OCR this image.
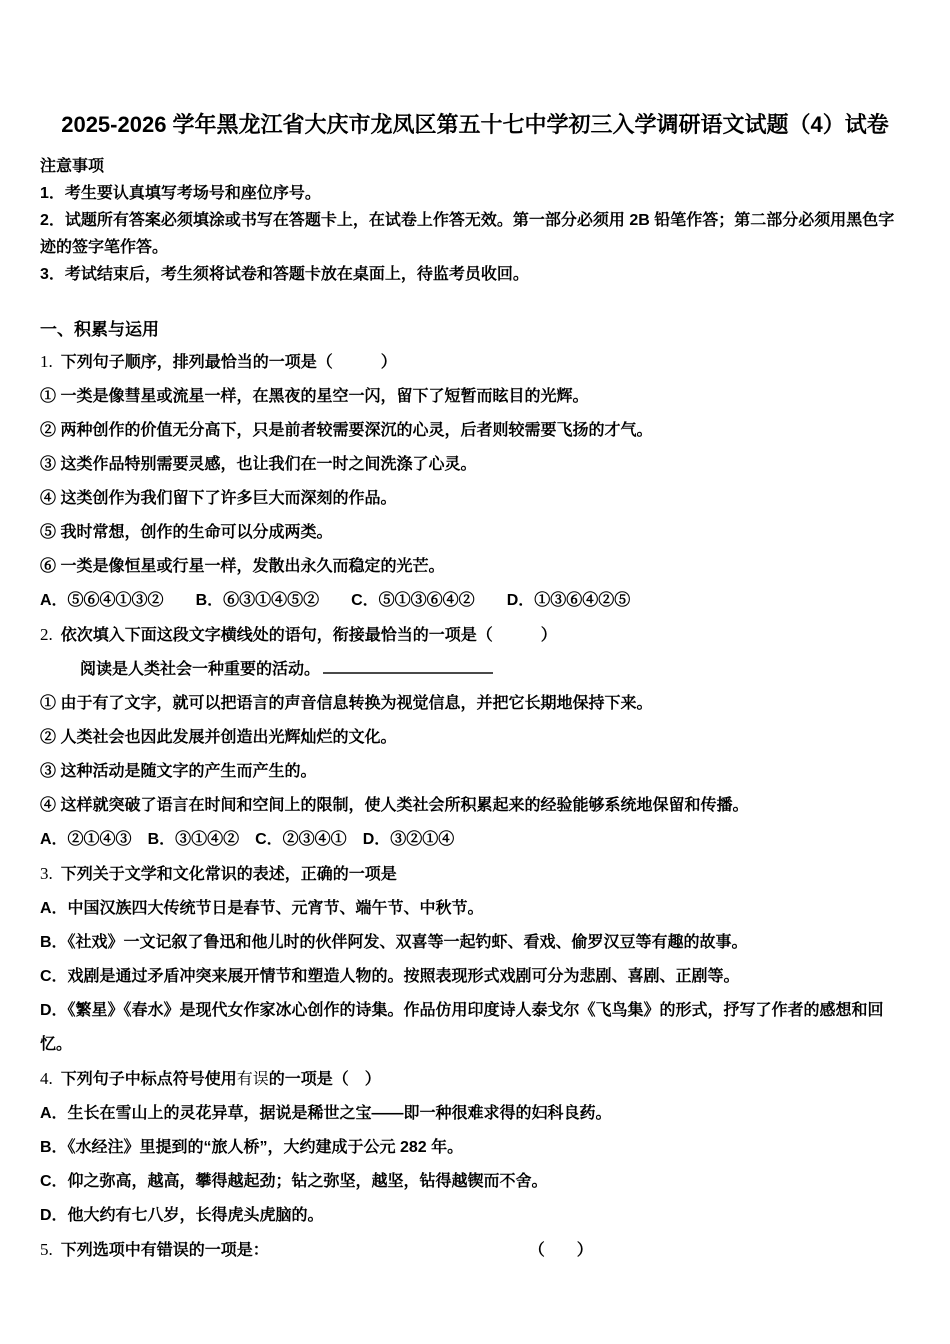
2025-2026 学年黑龙江省大庆市龙凤区第五十七中学初三入学调研语文试题（4）试卷

注意事项

1．考生要认真填写考场号和座位序号。

2．试题所有答案必须填涂或书写在答题卡上，在试卷上作答无效。第一部分必须用 2B 铅笔作答；第二部分必须用黑色字迹的签字笔作答。

3．考试结束后，考生须将试卷和答题卡放在桌面上，待监考员收回。

一、积累与运用

1. 下列句子顺序，排列最恰当的一项是（　　　）

① 一类是像彗星或流星一样，在黑夜的星空一闪，留下了短暂而眩目的光辉。

② 两种创作的价值无分高下，只是前者较需要深沉的心灵，后者则较需要飞扬的才气。

③ 这类作品特别需要灵感，也让我们在一时之间洗涤了心灵。

④ 这类创作为我们留下了许多巨大而深刻的作品。

⑤ 我时常想，创作的生命可以分成两类。

⑥ 一类是像恒星或行星一样，发散出永久而稳定的光芒。

A．⑤⑥④①③② B．⑥③①④⑤② C．⑤①③⑥④② D．①③⑥④②⑤

2. 依次填入下面这段文字横线处的语句，衔接最恰当的一项是（　　　）

阅读是人类社会一种重要的活动。

① 由于有了文字，就可以把语言的声音信息转换为视觉信息，并把它长期地保持下来。

② 人类社会也因此发展并创造出光辉灿烂的文化。

③ 这种活动是随文字的产生而产生的。

④ 这样就突破了语言在时间和空间上的限制，使人类社会所积累起来的经验能够系统地保留和传播。

A．②①④③ B．③①④② C．②③④① D．③②①④

3. 下列关于文学和文化常识的表述，正确的一项是

A．中国汉族四大传统节日是春节、元宵节、端午节、中秋节。

B．《社戏》一文记叙了鲁迅和他儿时的伙伴阿发、双喜等一起钓虾、看戏、偷罗汉豆等有趣的故事。

C．戏剧是通过矛盾冲突来展开情节和塑造人物的。按照表现形式戏剧可分为悲剧、喜剧、正剧等。

D．《繁星》《春水》是现代女作家冰心创作的诗集。作品仿用印度诗人泰戈尔《飞鸟集》的形式，抒写了作者的感想和回忆。

4. 下列句子中标点符号使用有误的一项是（　）

A．生长在雪山上的灵花异草，据说是稀世之宝——即一种很难求得的妇科良药。

B．《水经注》里提到的“旅人桥”，大约建成于公元 282 年。

C．仰之弥高，越高，攀得越起劲；钻之弥坚，越坚，钻得越锲而不舍。

D．他大约有七八岁，长得虎头虎脑的。

5. 下列选项中有错误的一项是：	（　　）
